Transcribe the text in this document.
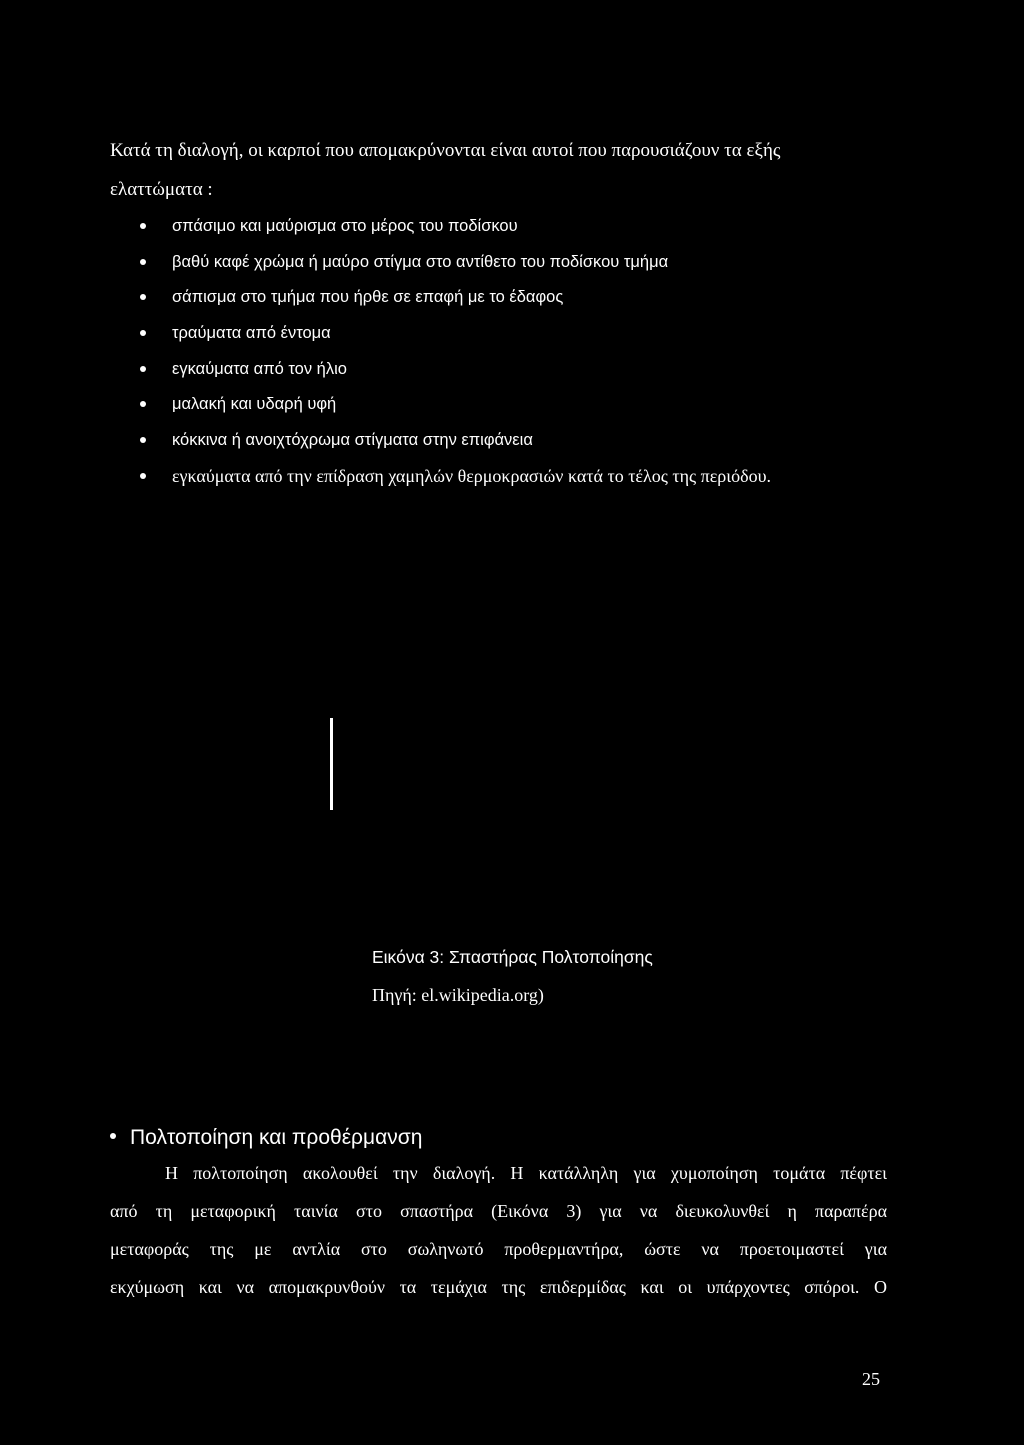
Κατά τη διαλογή, οι καρποί που απομακρύνονται είναι αυτοί που παρουσιάζουν τα εξής
ελαττώματα :
σπάσιμο και μαύρισμα στο μέρος του ποδίσκου
βαθύ καφέ χρώμα ή μαύρο στίγμα στο αντίθετο του ποδίσκου τμήμα
σάπισμα στο τμήμα που ήρθε σε επαφή με το έδαφος
τραύματα από έντομα
εγκαύματα από τον ήλιο
μαλακή και υδαρή υφή
κόκκινα ή ανοιχτόχρωμα στίγματα στην επιφάνεια
εγκαύματα από την επίδραση χαμηλών θερμοκρασιών κατά το τέλος της περιόδου.
Εικόνα 3: Σπαστήρας Πολτοποίησης
Πηγή: el.wikipedia.org)
Πολτοποίηση και προθέρμανση
Η πολτοποίηση ακολουθεί την διαλογή. Η κατάλληλη για χυμοποίηση τομάτα πέφτει
από τη μεταφορική ταινία στο σπαστήρα (Εικόνα 3) για να διευκολυνθεί η παραπέρα
μεταφοράς της με αντλία στο σωληνωτό προθερμαντήρα, ώστε να προετοιμαστεί για
εκχύμωση και να απομακρυνθούν τα τεμάχια της επιδερμίδας και οι υπάρχοντες σπόροι. Ο
25
